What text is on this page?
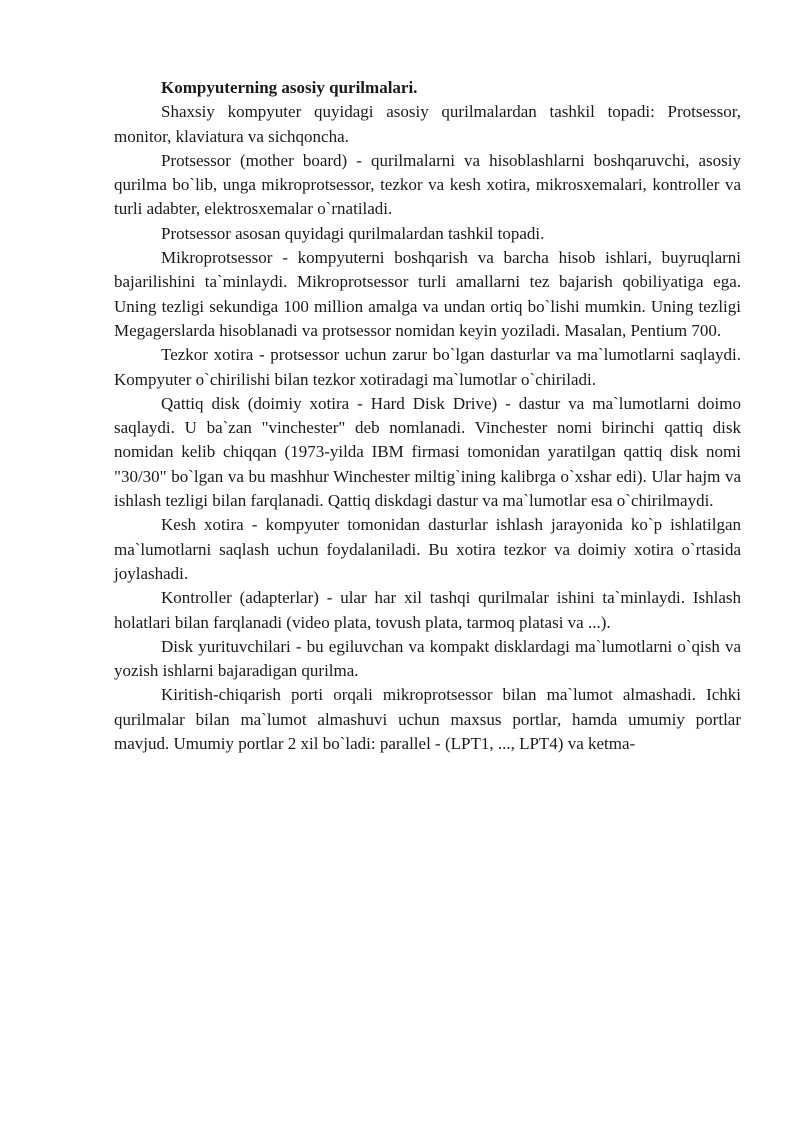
Kompyuterning asosiy qurilmalari.

Shaxsiy kompyuter quyidagi asosiy qurilmalardan tashkil topadi: Protsessor, monitor, klaviatura va sichqoncha.

Protsessor (mother board) - qurilmalarni va hisoblashlarni boshqaruvchi, asosiy qurilma bo`lib, unga mikroprotsessor, tezkor va kesh xotira, mikrosxemalari, kontroller va turli adabter, elektrosxemalar o`rnatiladi.

Protsessor asosan quyidagi qurilmalardan tashkil topadi.

Mikroprotsessor - kompyuterni boshqarish va barcha hisob ishlari, buyruqlarni bajarilishini ta`minlaydi. Mikroprotsessor turli amallarni tez bajarish qobiliyatiga ega. Uning tezligi sekundiga 100 million amalga va undan ortiq bo`lishi mumkin. Uning tezligi Megagerslarda hisoblanadi va protsessor nomidan keyin yoziladi. Masalan, Pentium 700.

Tezkor xotira - protsessor uchun zarur bo`lgan dasturlar va ma`lumotlarni saqlaydi. Kompyuter o`chirilishi bilan tezkor xotiradagi ma`lumotlar o`chiriladi.

Qattiq disk (doimiy xotira - Hard Disk Drive) - dastur va ma`lumotlarni doimo saqlaydi. U ba`zan "vinchester" deb nomlanadi. Vinchester nomi birinchi qattiq disk nomidan kelib chiqqan (1973-yilda IBM firmasi tomonidan yaratilgan qattiq disk nomi "30/30" bo`lgan va bu mashhur Winchester miltig`ining kalibrga o`xshar edi). Ular hajm va ishlash tezligi bilan farqlanadi. Qattiq diskdagi dastur va ma`lumotlar esa o`chirilmaydi.

Kesh xotira - kompyuter tomonidan dasturlar ishlash jarayonida ko`p ishlatilgan ma`lumotlarni saqlash uchun foydalaniladi. Bu xotira tezkor va doimiy xotira o`rtasida joylashadi.

Kontroller (adapterlar) - ular har xil tashqi qurilmalar ishini ta`minlaydi. Ishlash holatlari bilan farqlanadi (video plata, tovush plata, tarmoq platasi va ...).

Disk yurituvchilari - bu egiluvchan va kompakt disklardagi ma`lumotlarni o`qish va yozish ishlarni bajaradigan qurilma.

Kiritish-chiqarish porti orqali mikroprotsessor bilan ma`lumot almashadi. Ichki qurilmalar bilan ma`lumot almashuvi uchun maxsus portlar, hamda umumiy portlar mavjud. Umumiy portlar 2 xil bo`ladi: parallel - (LPT1, ..., LPT4) va ketma-
